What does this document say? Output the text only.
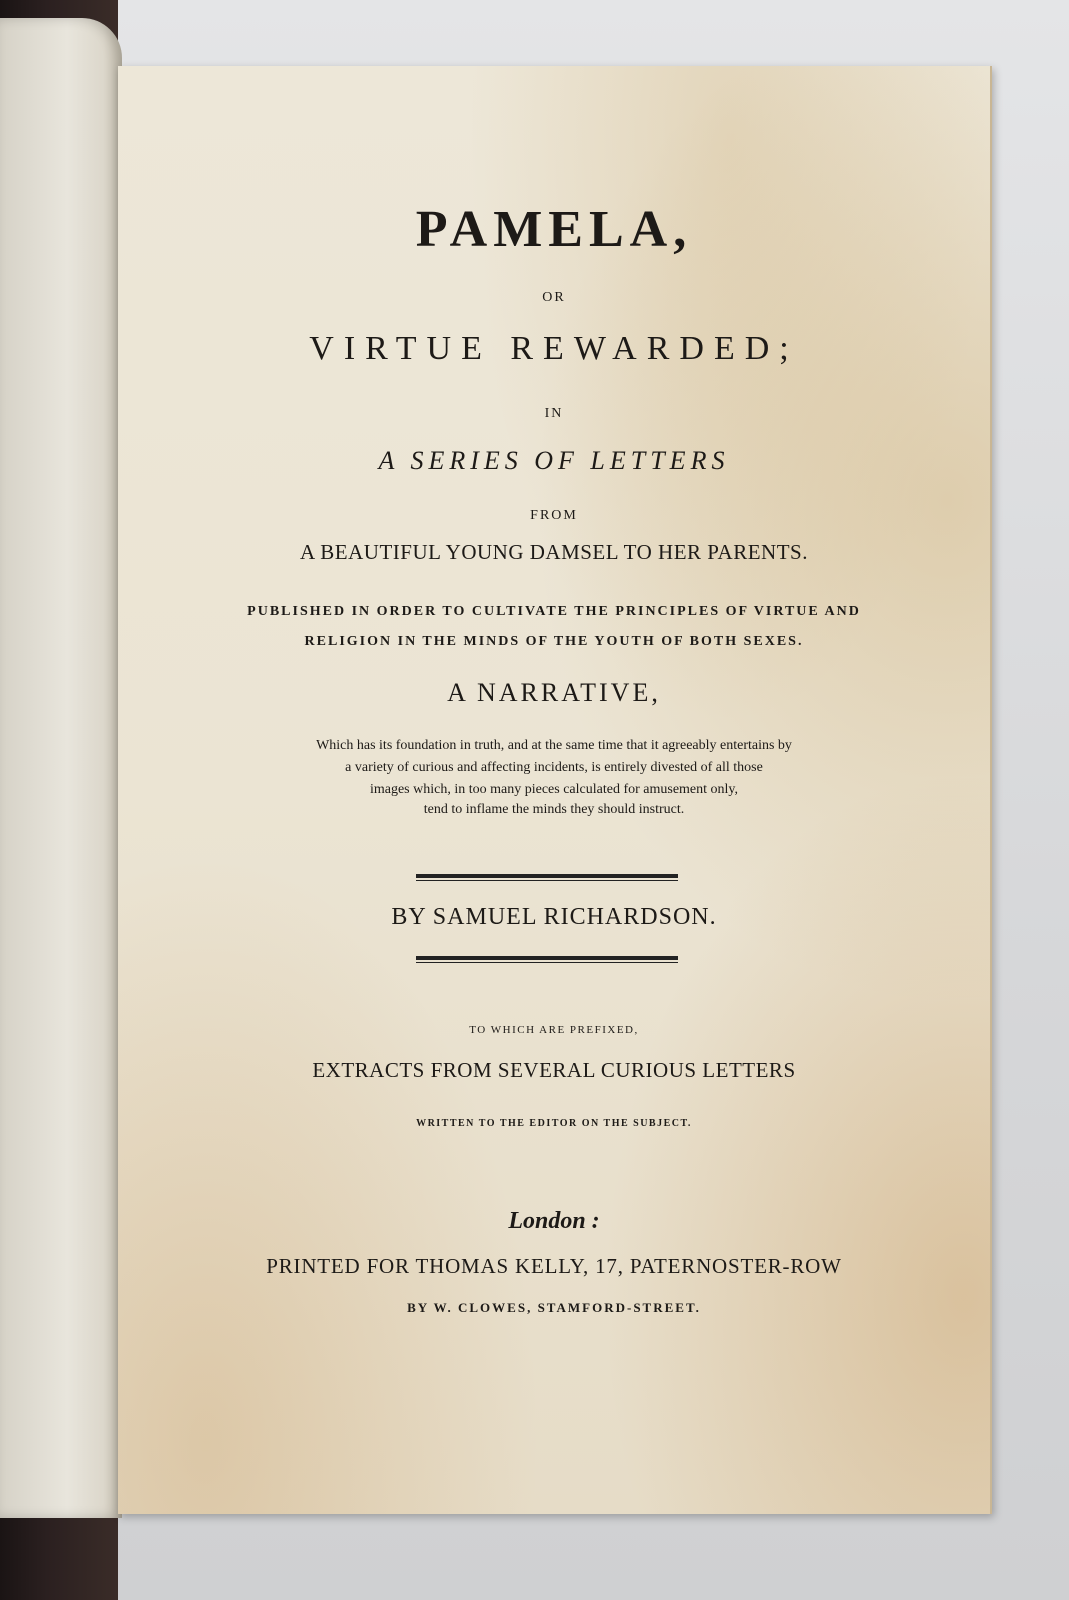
PAMELA,
OR
VIRTUE REWARDED;
IN
A SERIES OF LETTERS
FROM
A BEAUTIFUL YOUNG DAMSEL TO HER PARENTS.
PUBLISHED IN ORDER TO CULTIVATE THE PRINCIPLES OF VIRTUE AND
RELIGION IN THE MINDS OF THE YOUTH OF BOTH SEXES.
A NARRATIVE,
Which has its foundation in truth, and at the same time that it agreeably entertains by
a variety of curious and affecting incidents, is entirely divested of all those
images which, in too many pieces calculated for amusement only,
tend to inflame the minds they should instruct.
BY SAMUEL RICHARDSON.
TO WHICH ARE PREFIXED,
EXTRACTS FROM SEVERAL CURIOUS LETTERS
WRITTEN TO THE EDITOR ON THE SUBJECT.
London :
PRINTED FOR THOMAS KELLY, 17, PATERNOSTER-ROW
BY W. CLOWES, STAMFORD-STREET.
